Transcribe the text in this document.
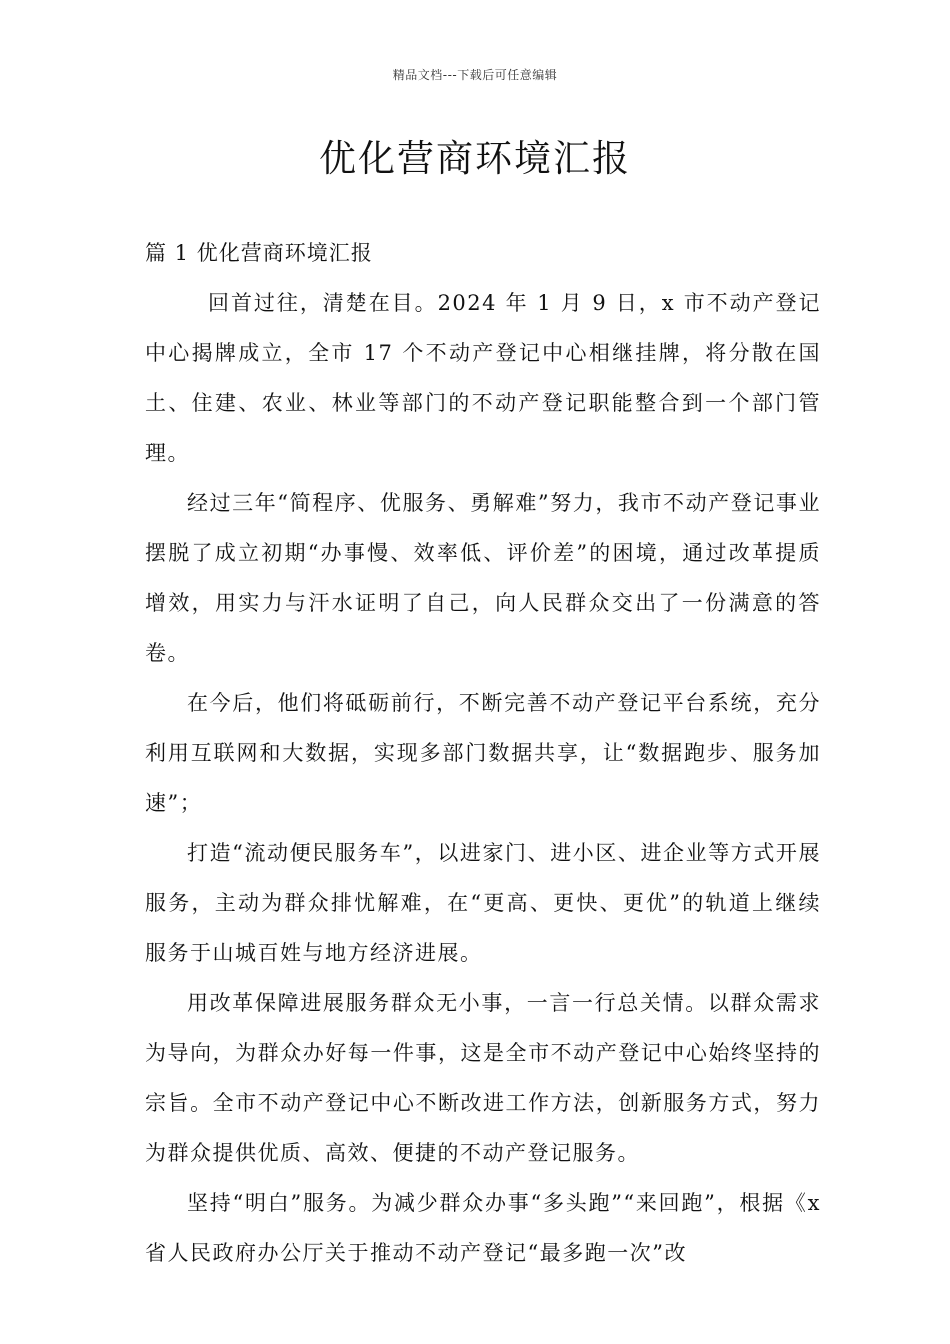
精品文档---下载后可任意编辑
优化营商环境汇报

篇 1 优化营商环境汇报

回首过往，清楚在目。2024 年 1 月 9 日，x 市不动产登记中心揭牌成立，全市 17 个不动产登记中心相继挂牌，将分散在国土、住建、农业、林业等部门的不动产登记职能整合到一个部门管理。

经过三年“简程序、优服务、勇解难”努力，我市不动产登记事业摆脱了成立初期“办事慢、效率低、评价差”的困境，通过改革提质增效，用实力与汗水证明了自己，向人民群众交出了一份满意的答卷。

在今后，他们将砥砺前行，不断完善不动产登记平台系统，充分利用互联网和大数据，实现多部门数据共享，让“数据跑步、服务加速”；

打造“流动便民服务车”，以进家门、进小区、进企业等方式开展服务，主动为群众排忧解难，在“更高、更快、更优”的轨道上继续服务于山城百姓与地方经济进展。

用改革保障进展服务群众无小事，一言一行总关情。以群众需求为导向，为群众办好每一件事，这是全市不动产登记中心始终坚持的宗旨。全市不动产登记中心不断改进工作方法，创新服务方式，努力为群众提供优质、高效、便捷的不动产登记服务。

坚持“明白”服务。为减少群众办事“多头跑”“来回跑”，根据《x 省人民政府办公厅关于推动不动产登记“最多跑一次”改
